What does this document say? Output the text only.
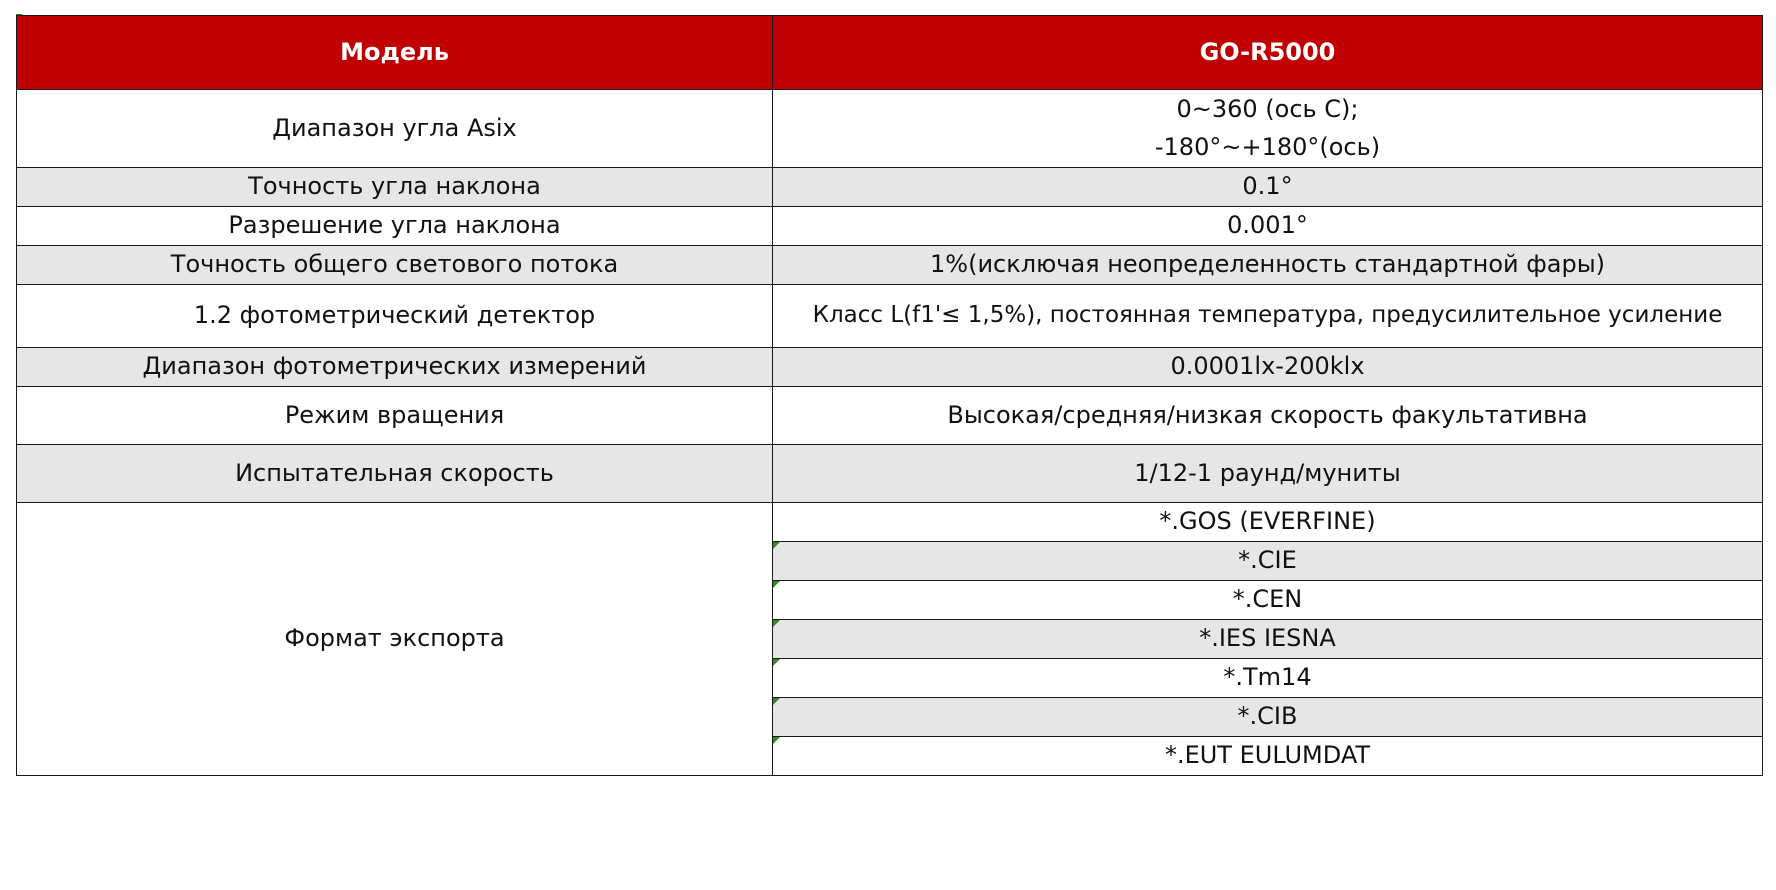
Модель	GO-R5000
Диапазон угла Asix	0~360 (ось С);
-180°~+180°(ось)

Точность угла наклона	0.1°
Разрешение угла наклона	0.001°
Точность общего светового потока	1%(исключая неопределенность стандартной фары)
1.2 фотометрический детектор	Класс L(f1'≤ 1,5%), постоянная температура, предусилительное усиление
Диапазон фотометрических измерений	0.0001lx-200klx
Режим вращения	Высокая/средняя/низкая скорость факультативна
Испытательная скорость	1/12-1 раунд/муниты
Формат экспорта	*.GOS (EVERFINE)

*.CIE

*.CEN

*.IES IESNA

*.Tm14

*.CIB

*.EUT EULUMDAT
